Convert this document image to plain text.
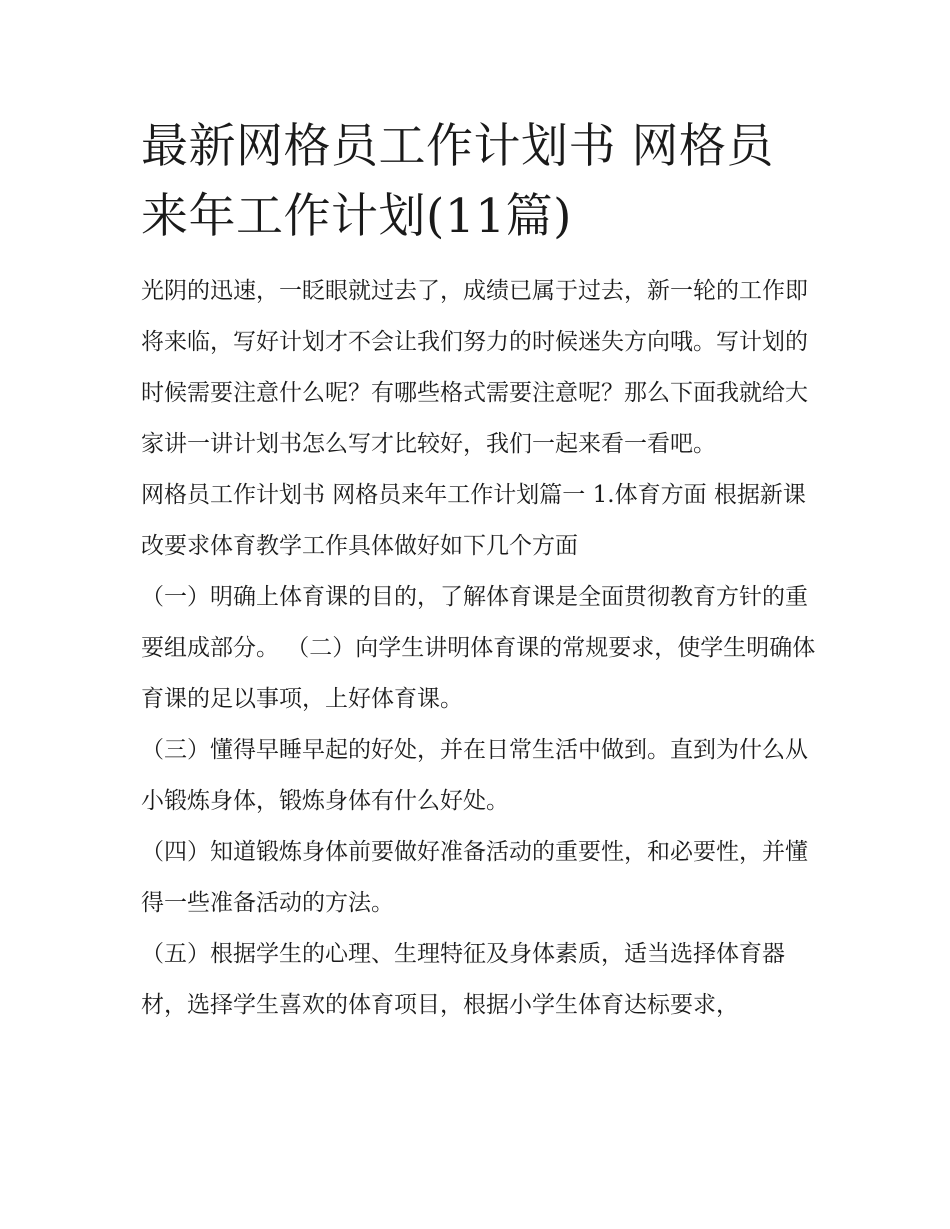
最新网格员工作计划书 网格员来年工作计划(11篇)

光阴的迅速，一眨眼就过去了，成绩已属于过去，新一轮的工作即将来临，写好计划才不会让我们努力的时候迷失方向哦。写计划的时候需要注意什么呢？有哪些格式需要注意呢？那么下面我就给大家讲一讲计划书怎么写才比较好，我们一起来看一看吧。

网格员工作计划书 网格员来年工作计划篇一 1.体育方面 根据新课改要求体育教学工作具体做好如下几个方面

（一）明确上体育课的目的，了解体育课是全面贯彻教育方针的重要组成部分。 （二）向学生讲明体育课的常规要求，使学生明确体育课的足以事项，上好体育课。

（三）懂得早睡早起的好处，并在日常生活中做到。直到为什么从小锻炼身体，锻炼身体有什么好处。

（四）知道锻炼身体前要做好准备活动的重要性，和必要性，并懂得一些准备活动的方法。

（五）根据学生的心理、生理特征及身体素质，适当选择体育器材，选择学生喜欢的体育项目，根据小学生体育达标要求，
